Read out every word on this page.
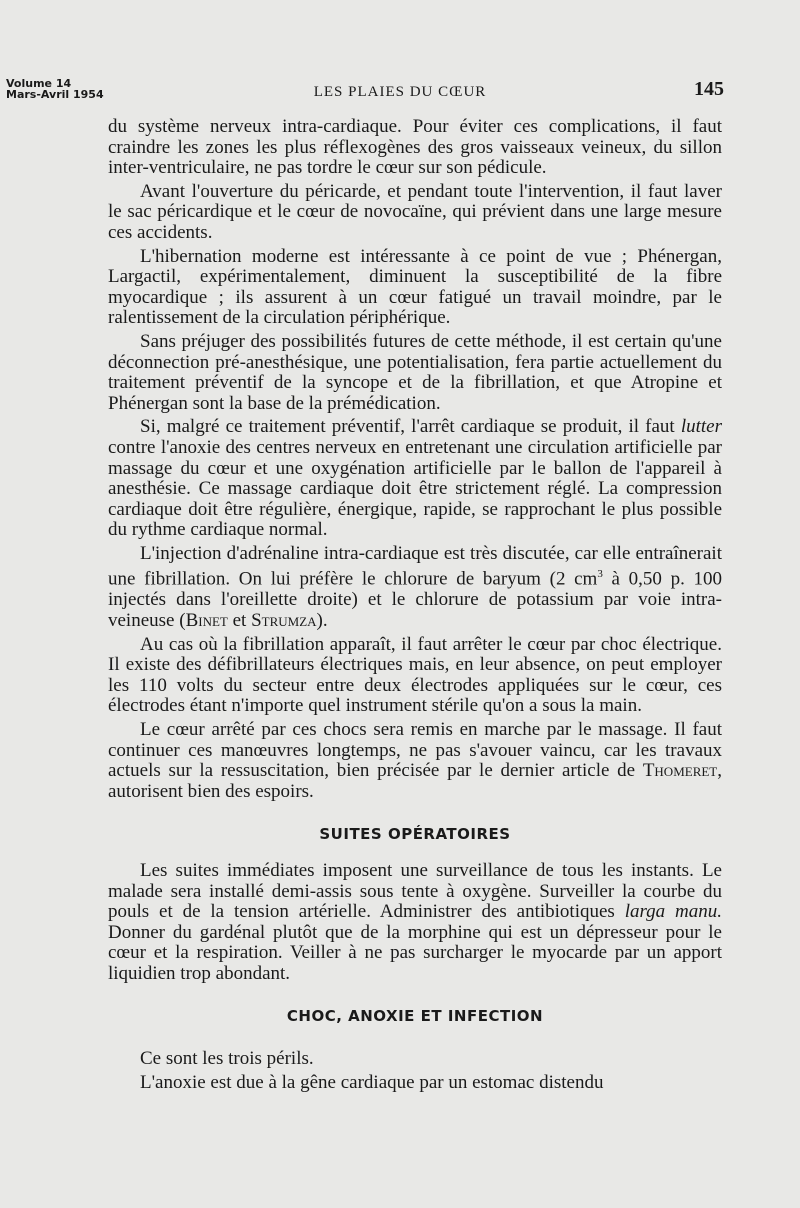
Volume 14
Mars-Avril 1954	LES PLAIES DU CŒUR	145

du système nerveux intra-cardiaque. Pour éviter ces complications, il faut craindre les zones les plus réflexogènes des gros vaisseaux veineux, du sillon inter-ventriculaire, ne pas tordre le cœur sur son pédicule.

Avant l'ouverture du péricarde, et pendant toute l'intervention, il faut laver le sac péricardique et le cœur de novocaïne, qui prévient dans une large mesure ces accidents.

L'hibernation moderne est intéressante à ce point de vue ; Phénergan, Largactil, expérimentalement, diminuent la susceptibilité de la fibre myocardique ; ils assurent à un cœur fatigué un travail moindre, par le ralentissement de la circulation périphérique.

Sans préjuger des possibilités futures de cette méthode, il est certain qu'une déconnection pré-anesthésique, une potentialisation, fera partie actuellement du traitement préventif de la syncope et de la fibrillation, et que Atropine et Phénergan sont la base de la prémédication.

Si, malgré ce traitement préventif, l'arrêt cardiaque se produit, il faut lutter contre l'anoxie des centres nerveux en entretenant une circulation artificielle par massage du cœur et une oxygénation artificielle par le ballon de l'appareil à anesthésie. Ce massage cardiaque doit être strictement réglé. La compression cardiaque doit être régulière, énergique, rapide, se rapprochant le plus possible du rythme cardiaque normal.

L'injection d'adrénaline intra-cardiaque est très discutée, car elle entraînerait une fibrillation. On lui préfère le chlorure de baryum (2 $cm^3$ à 0,50 p. 100 injectés dans l'oreillette droite) et le chlorure de potassium par voie intra-veineuse (Binet et Strumza).

Au cas où la fibrillation apparaît, il faut arrêter le cœur par choc électrique. Il existe des défibrillateurs électriques mais, en leur absence, on peut employer les 110 volts du secteur entre deux électrodes appliquées sur le cœur, ces électrodes étant n'importe quel instrument stérile qu'on a sous la main.

Le cœur arrêté par ces chocs sera remis en marche par le massage. Il faut continuer ces manœuvres longtemps, ne pas s'avouer vaincu, car les travaux actuels sur la ressuscitation, bien précisée par le dernier article de Thomeret, autorisent bien des espoirs.

SUITES OPÉRATOIRES

Les suites immédiates imposent une surveillance de tous les instants. Le malade sera installé demi-assis sous tente à oxygène. Surveiller la courbe du pouls et de la tension artérielle. Administrer des antibiotiques larga manu. Donner du gardénal plutôt que de la morphine qui est un dépresseur pour le cœur et la respiration. Veiller à ne pas surcharger le myocarde par un apport liquidien trop abondant.

CHOC, ANOXIE ET INFECTION

Ce sont les trois périls.

L'anoxie est due à la gêne cardiaque par un estomac distendu
